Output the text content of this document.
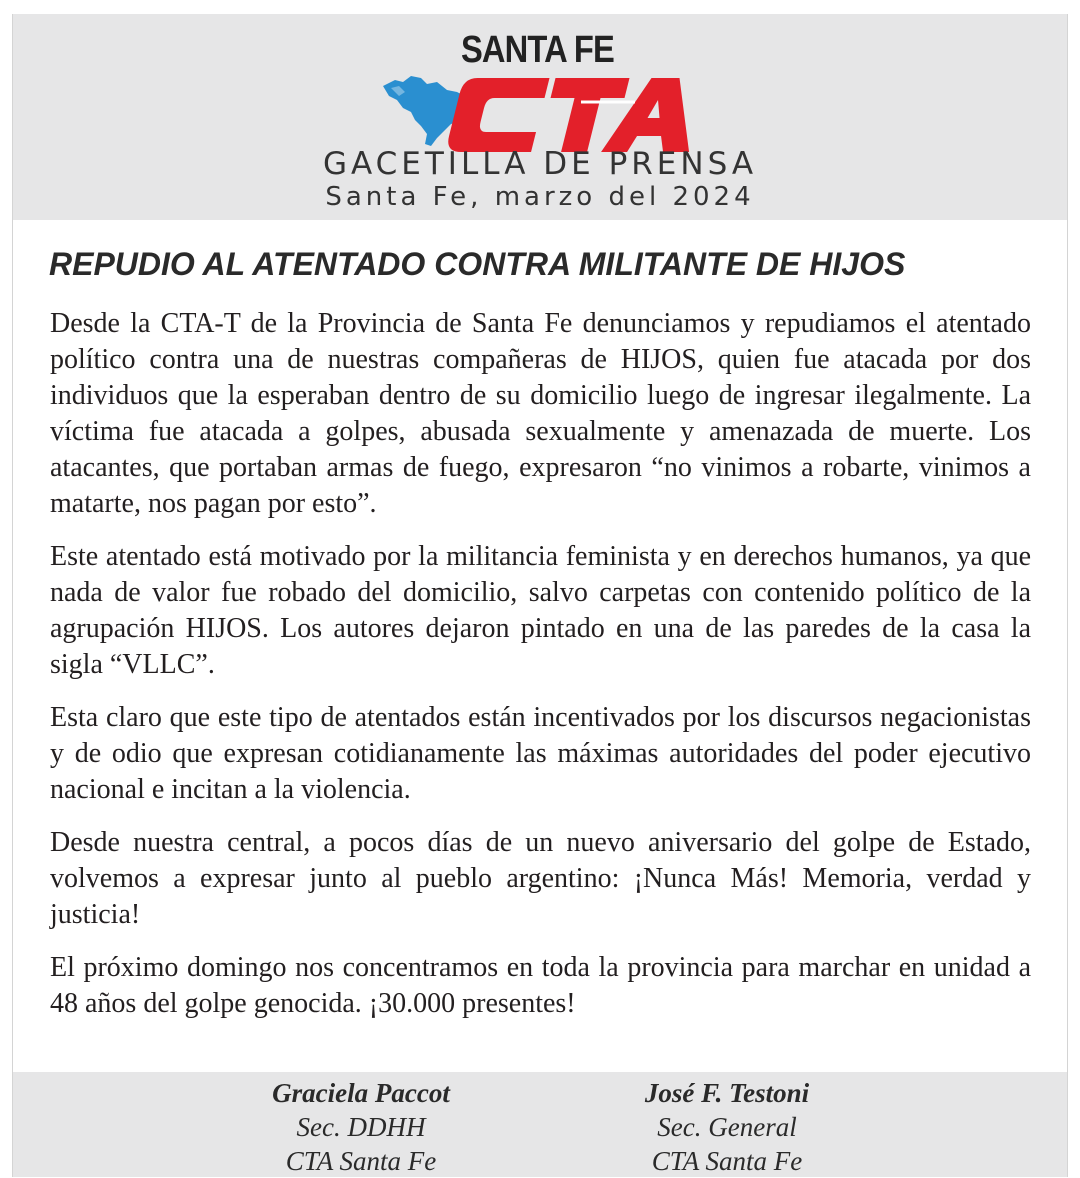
SANTA FE
GACETILLA DE PRENSA
Santa Fe, marzo del 2024
REPUDIO AL ATENTADO CONTRA MILITANTE DE HIJOS

Desde la CTA-T de la Provincia de Santa Fe denunciamos y repudiamos el atentado político contra una de nuestras compañeras de HIJOS, quien fue atacada por dos individuos que la esperaban dentro de su domicilio luego de ingresar ilegalmente. La víctima fue atacada a golpes, abusada sexualmente y amenazada de muerte. Los atacantes, que portaban armas de fuego, expresaron “no vinimos a robarte, vinimos a matarte, nos pagan por esto”.

Este atentado está motivado por la militancia feminista y en derechos humanos, ya que nada de valor fue robado del domicilio, salvo carpetas con contenido político de la agrupación HIJOS. Los autores dejaron pintado en una de las paredes de la casa la sigla “VLLC”.

Esta claro que este tipo de atentados están incentivados por los discursos negacionistas y de odio que expresan cotidianamente las máximas autoridades del poder ejecutivo nacional e incitan a la violencia.

Desde nuestra central, a pocos días de un nuevo aniversario del golpe de Estado, volvemos a expresar junto al pueblo argentino: ¡Nunca Más! Memoria, verdad y justicia!

El próximo domingo nos concentramos en toda la provincia para marchar en unidad a 48 años del golpe genocida. ¡30.000 presentes!

Graciela Paccot
Sec. DDHH
CTA Santa Fe
José F. Testoni
Sec. General
CTA Santa Fe
